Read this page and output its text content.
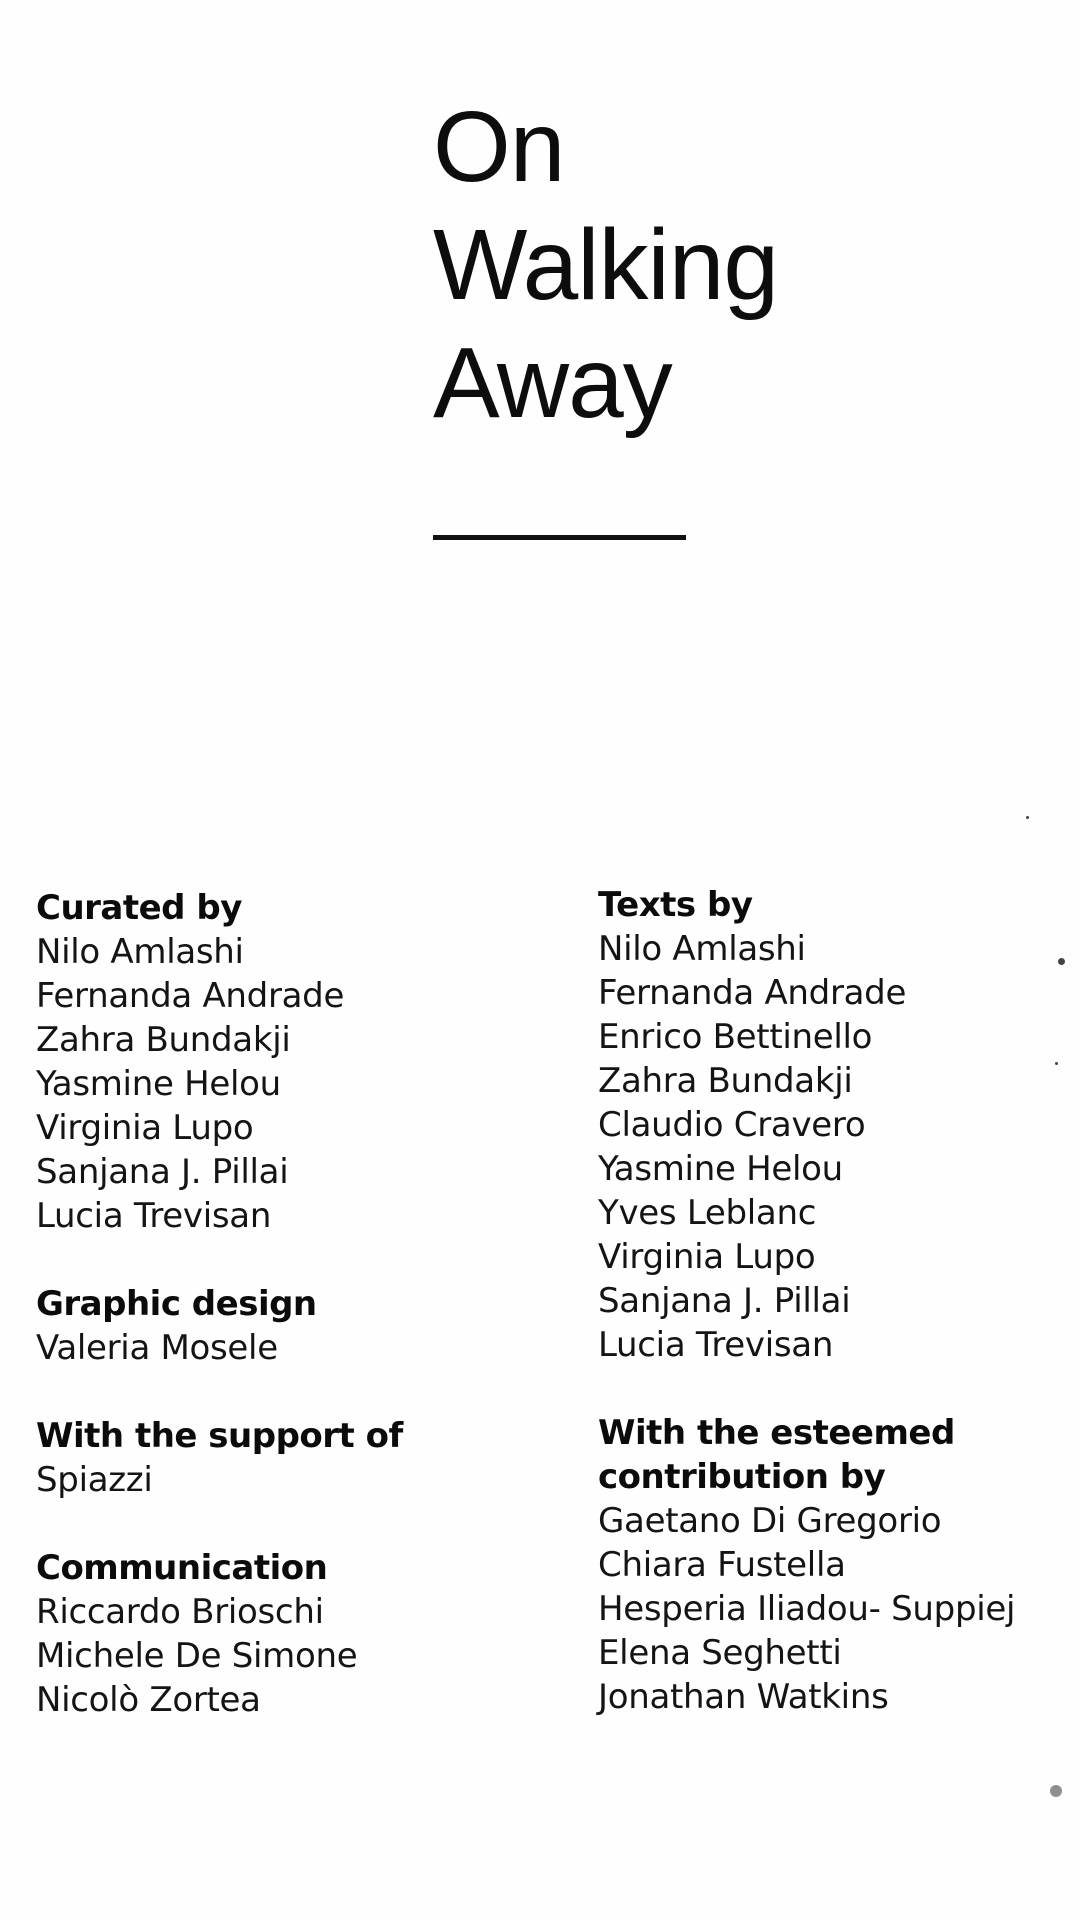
On
Walking
Away
Curated by
Nilo Amlashi
Fernanda Andrade
Zahra Bundakji
Yasmine Helou
Virginia Lupo
Sanjana J. Pillai
Lucia Trevisan
Graphic design
Valeria Mosele
With the support of
Spiazzi
Communication
Riccardo Brioschi
Michele De Simone
Nicolò Zortea
Texts by
Nilo Amlashi
Fernanda Andrade
Enrico Bettinello
Zahra Bundakji
Claudio Cravero
Yasmine Helou
Yves Leblanc
Virginia Lupo
Sanjana J. Pillai
Lucia Trevisan
With the esteemed
contribution by
Gaetano Di Gregorio
Chiara Fustella
Hesperia Iliadou- Suppiej
Elena Seghetti
Jonathan Watkins
